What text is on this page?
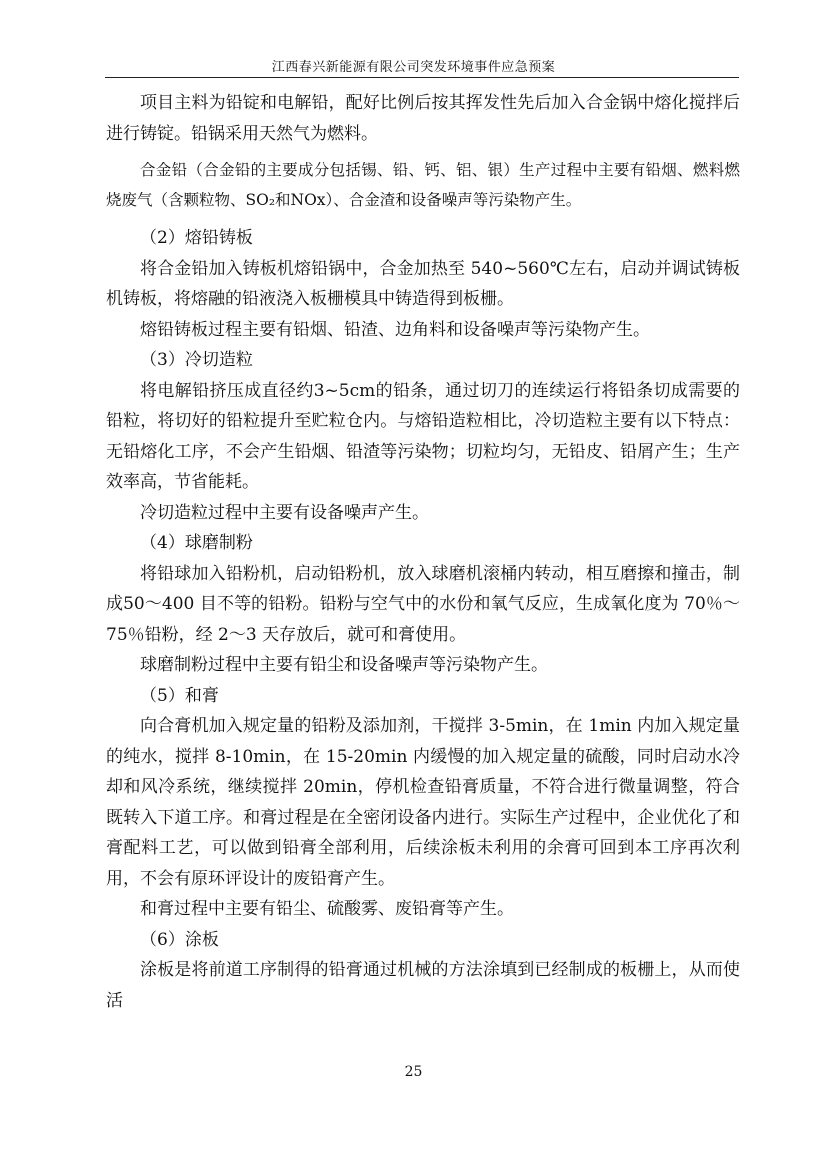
江西春兴新能源有限公司突发环境事件应急预案

项目主料为铅锭和电解铅，配好比例后按其挥发性先后加入合金锅中熔化搅拌后进行铸锭。铅锅采用天然气为燃料。

合金铅（合金铅的主要成分包括锡、铅、钙、铝、银）生产过程中主要有铅烟、燃料燃烧废气（含颗粒物、SO₂和NOx）、合金渣和设备噪声等污染物产生。

（2）熔铅铸板

将合金铅加入铸板机熔铅锅中，合金加热至 540~560℃左右，启动并调试铸板机铸板，将熔融的铅液浇入板栅模具中铸造得到板栅。

熔铅铸板过程主要有铅烟、铅渣、边角料和设备噪声等污染物产生。

（3）冷切造粒

将电解铅挤压成直径约3~5cm的铅条，通过切刀的连续运行将铅条切成需要的铅粒，将切好的铅粒提升至贮粒仓内。与熔铅造粒相比，冷切造粒主要有以下特点：无铅熔化工序，不会产生铅烟、铅渣等污染物；切粒均匀，无铅皮、铅屑产生；生产效率高，节省能耗。

冷切造粒过程中主要有设备噪声产生。

（4）球磨制粉

将铅球加入铅粉机，启动铅粉机，放入球磨机滚桶内转动，相互磨擦和撞击，制成50～400 目不等的铅粉。铅粉与空气中的水份和氧气反应，生成氧化度为 70％～75％铅粉，经 2～3 天存放后，就可和膏使用。

球磨制粉过程中主要有铅尘和设备噪声等污染物产生。

（5）和膏

向合膏机加入规定量的铅粉及添加剂，干搅拌 3-5min，在 1min 内加入规定量的纯水，搅拌 8-10min，在 15-20min 内缓慢的加入规定量的硫酸，同时启动水冷却和风冷系统，继续搅拌 20min，停机检查铅膏质量，不符合进行微量调整，符合既转入下道工序。和膏过程是在全密闭设备内进行。实际生产过程中，企业优化了和膏配料工艺，可以做到铅膏全部利用，后续涂板未利用的余膏可回到本工序再次利用，不会有原环评设计的废铅膏产生。

和膏过程中主要有铅尘、硫酸雾、废铅膏等产生。

（6）涂板

涂板是将前道工序制得的铅膏通过机械的方法涂填到已经制成的板栅上，从而使活

25
